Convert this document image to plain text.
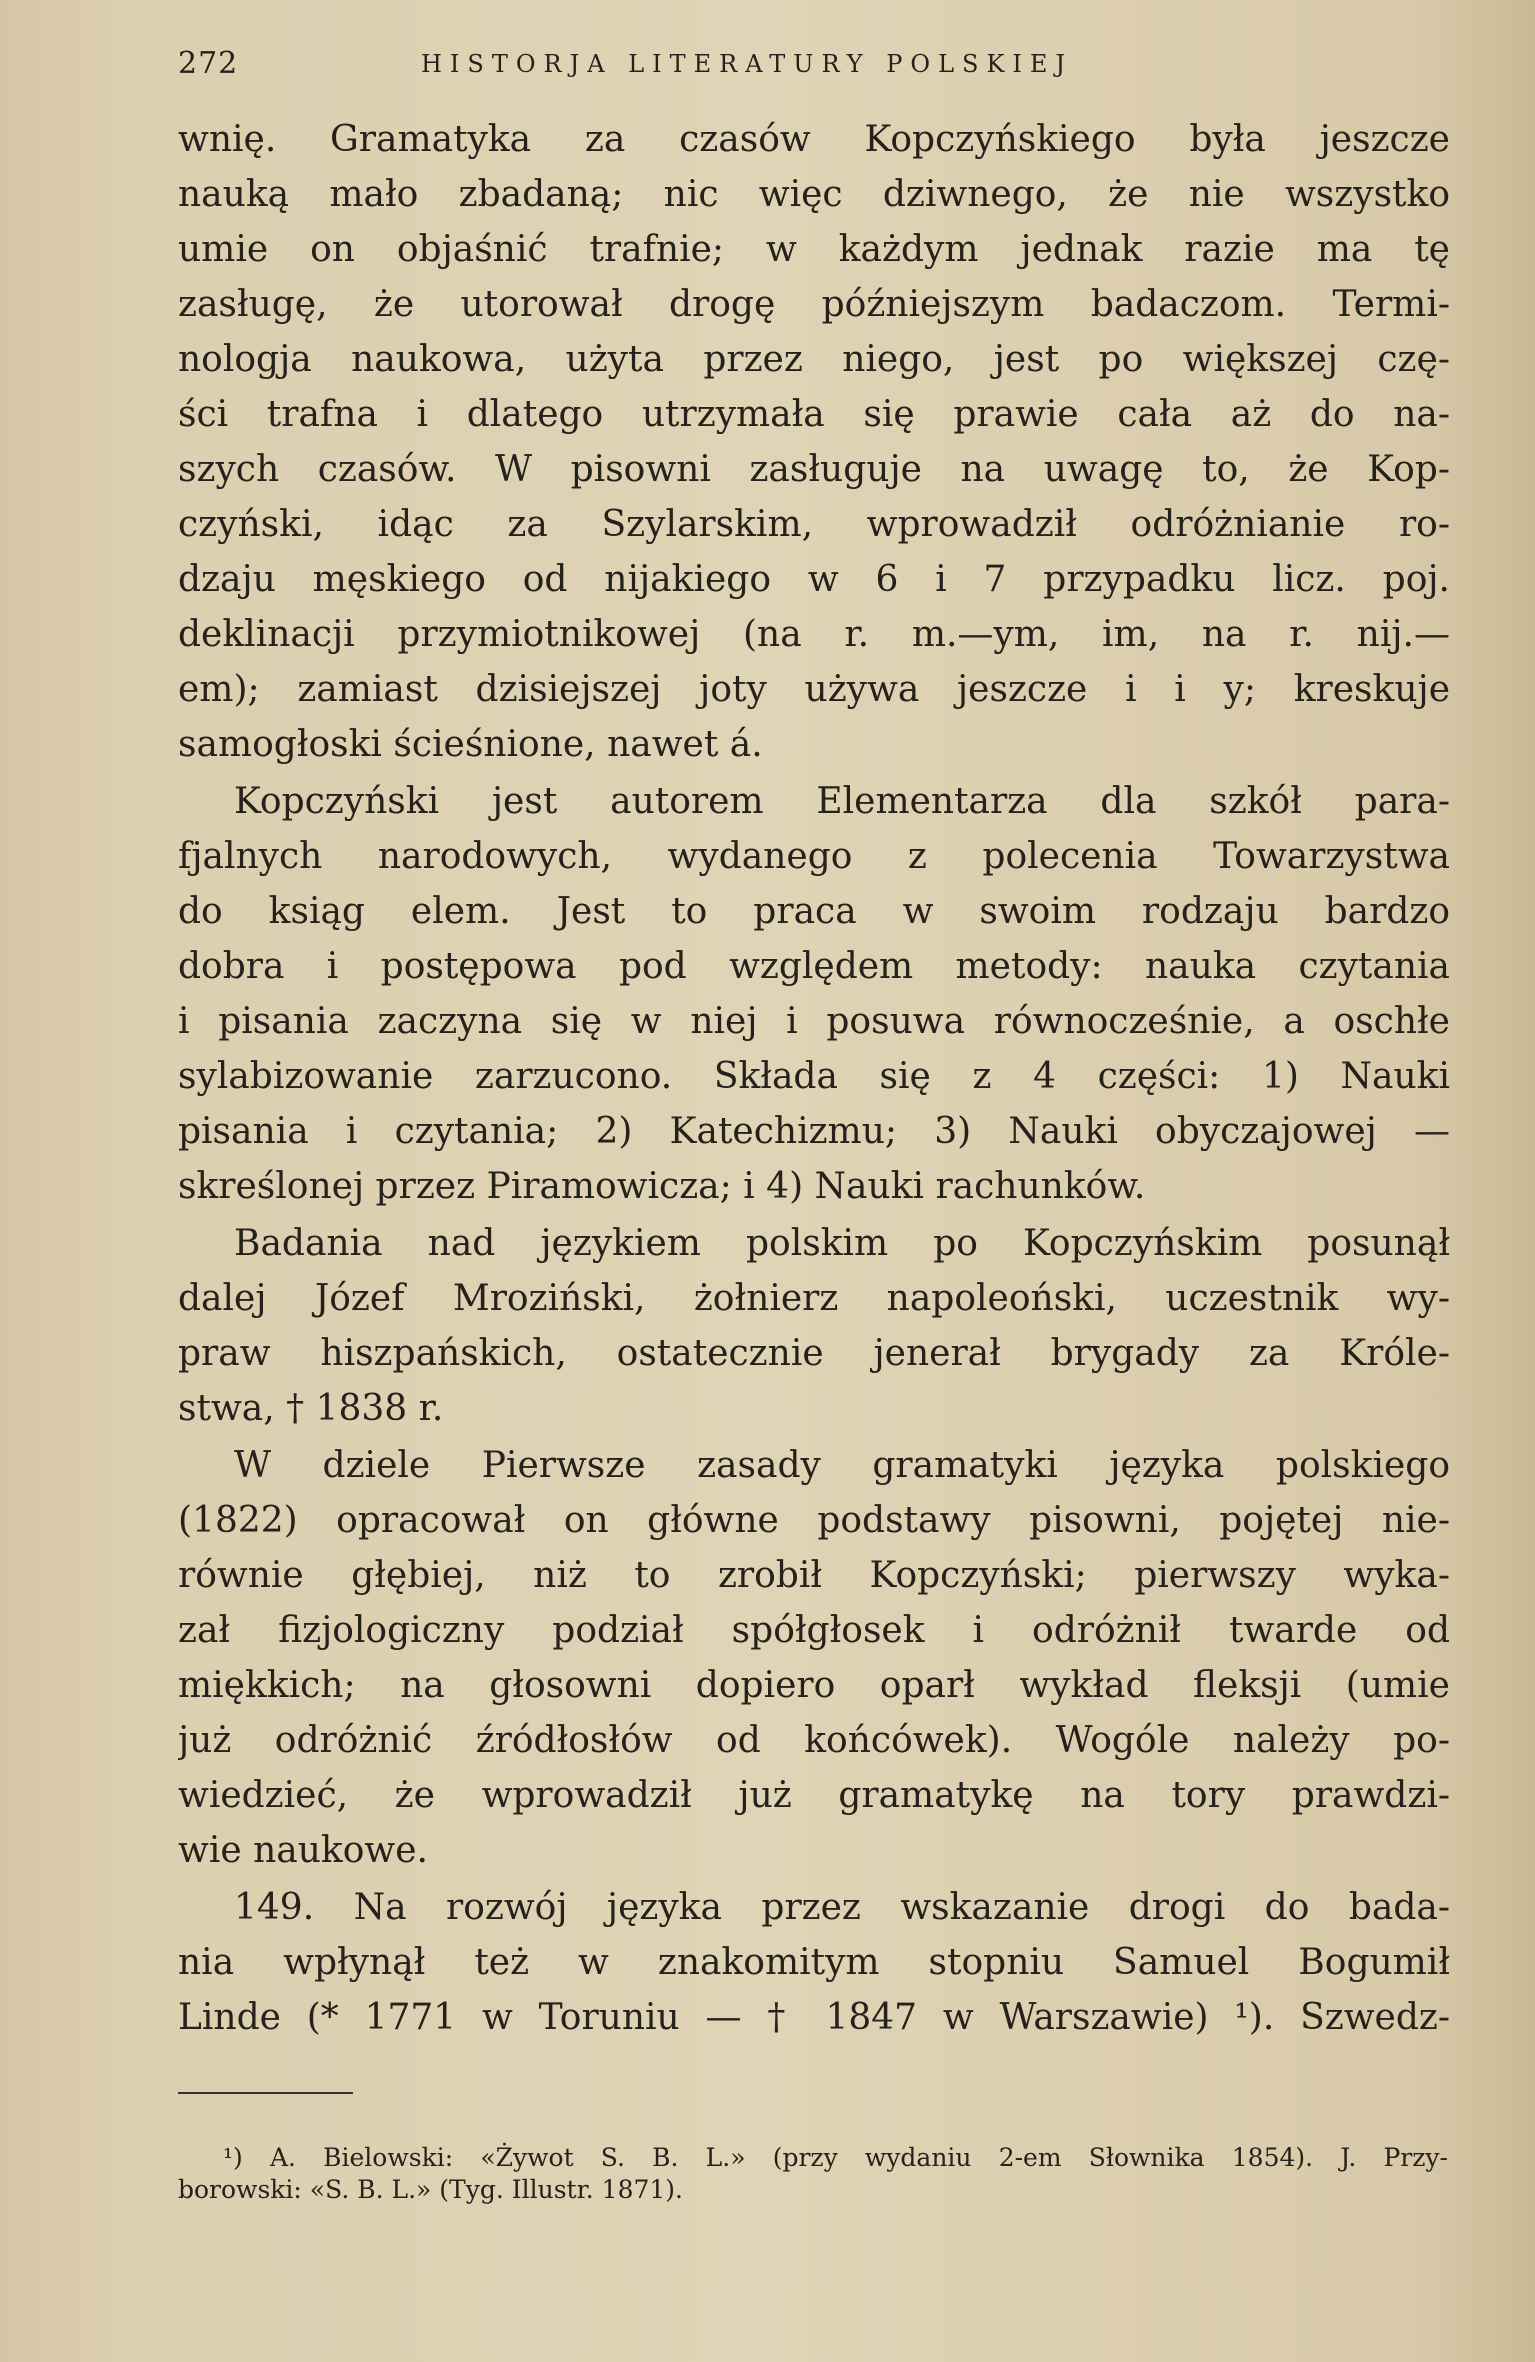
272	HISTORJA LITERATURY POLSKIEJ
wnię. Gramatyka za czasów Kopczyńskiego była jeszcze
nauką mało zbadaną; nic więc dziwnego, że nie wszystko
umie on objaśnić trafnie; w każdym jednak razie ma tę
zasługę, że utorował drogę późniejszym badaczom. Termi-
nologja naukowa, użyta przez niego, jest po większej czę-
ści trafna i dlatego utrzymała się prawie cała aż do na-
szych czasów. W pisowni zasługuje na uwagę to, że Kop-
czyński, idąc za Szylarskim, wprowadził odróżnianie ro-
dzaju męskiego od nijakiego w 6 i 7 przypadku licz. poj.
deklinacji przymiotnikowej (na r. m.—ym, im, na r. nij.—
em); zamiast dzisiejszej joty używa jeszcze i i y; kreskuje
samogłoski ścieśnione, nawet á.
Kopczyński jest autorem Elementarza dla szkół para-
fjalnych narodowych, wydanego z polecenia Towarzystwa
do ksiąg elem. Jest to praca w swoim rodzaju bardzo
dobra i postępowa pod względem metody: nauka czytania
i pisania zaczyna się w niej i posuwa równocześnie, a oschłe
sylabizowanie zarzucono. Składa się z 4 części: 1) Nauki
pisania i czytania; 2) Katechizmu; 3) Nauki obyczajowej —
skreślonej przez Piramowicza; i 4) Nauki rachunków.
Badania nad językiem polskim po Kopczyńskim posunął
dalej Józef Mroziński, żołnierz napoleoński, uczestnik wy-
praw hiszpańskich, ostatecznie jenerał brygady za Króle-
stwa, † 1838 r.
W dziele Pierwsze zasady gramatyki języka polskiego
(1822) opracował on główne podstawy pisowni, pojętej nie-
równie głębiej, niż to zrobił Kopczyński; pierwszy wyka-
zał fizjologiczny podział spółgłosek i odróżnił twarde od
miękkich; na głosowni dopiero oparł wykład fleksji (umie
już odróżnić źródłosłów od końcówek). Wogóle należy po-
wiedzieć, że wprowadził już gramatykę na tory prawdzi-
wie naukowe.
149. Na rozwój języka przez wskazanie drogi do bada-
nia wpłynął też w znakomitym stopniu Samuel Bogumił
Linde (* 1771 w Toruniu — † 1847 w Warszawie) ¹). Szwedz-
¹) A. Bielowski: «Żywot S. B. L.» (przy wydaniu 2-em Słownika 1854). J. Przy-
borowski: «S. B. L.» (Tyg. Illustr. 1871).
